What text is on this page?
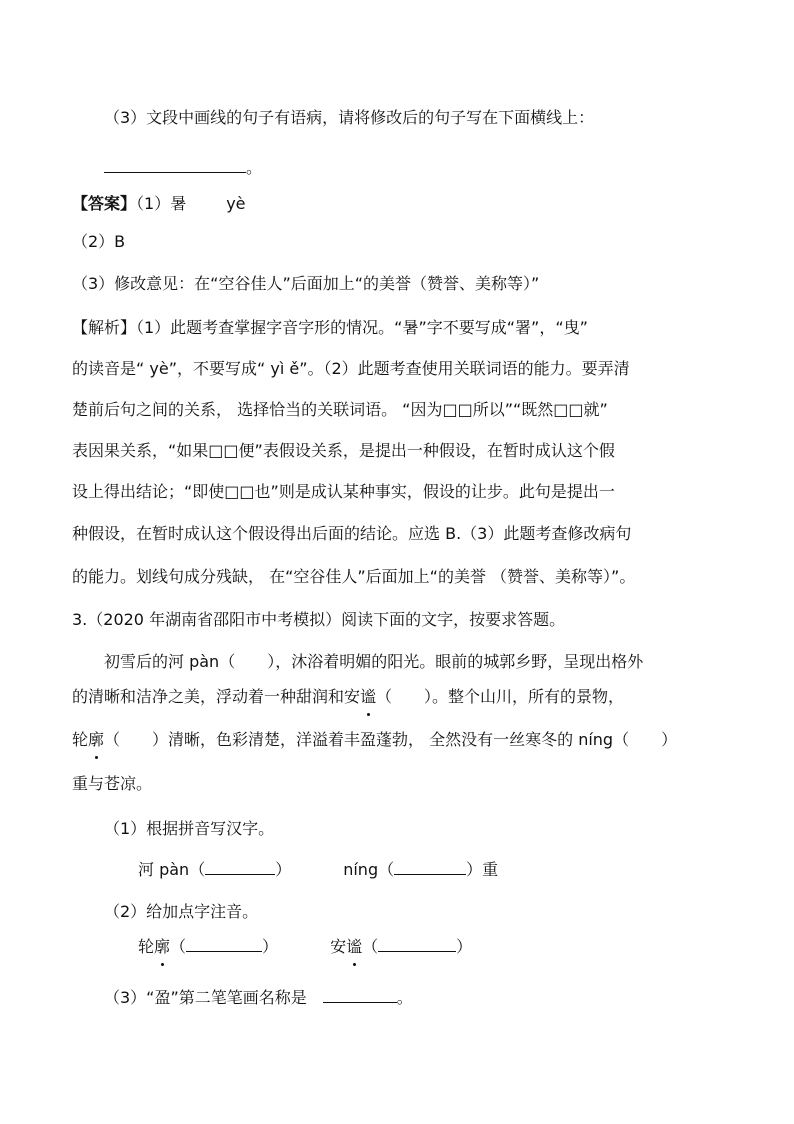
（3）文段中画线的句子有语病，请将修改后的句子写在下面横线上：
。
【答案】（1）暑	yè
（2）B
（3）修改意见：在“空谷佳人”后面加上“的美誉（赞誉、美称等）”
【解析】（1）此题考查掌握字音字形的情况。“暑”字不要写成“署”，“曳”
的读音是“ yè”，不要写成“ yì ě”。（2）此题考查使用关联词语的能力。要弄清
楚前后句之间的关系， 选择恰当的关联词语。 “因为□□所以”“既然□□就”
表因果关系，“如果□□便”表假设关系，是提出一种假设，在暂时成认这个假
设上得出结论；“即使□□也”则是成认某种事实，假设的让步。此句是提出一
种假设，在暂时成认这个假设得出后面的结论。应选 B.（3）此题考查修改病句
的能力。划线句成分残缺， 在“空谷佳人”后面加上“的美誉 （赞誉、美称等）”。
3.（2020 年湖南省邵阳市中考模拟）阅读下面的文字，按要求答题。
初雪后的河 pàn（　　），沐浴着明媚的阳光。眼前的城郭乡野，呈现出格外
的清晰和洁净之美，浮动着一种甜润和安谧（　　）。整个山川，所有的景物，
轮廓（　　）清晰，色彩清楚，洋溢着丰盈蓬勃， 全然没有一丝寒冬的 níng（　　）
重与苍凉。
（1）根据拼音写汉字。
河 pàn（	）	níng（	）重
（2）给加点字注音。
轮廓（	）	安谧（	）
（3）“盈”第二笔笔画名称是	。
